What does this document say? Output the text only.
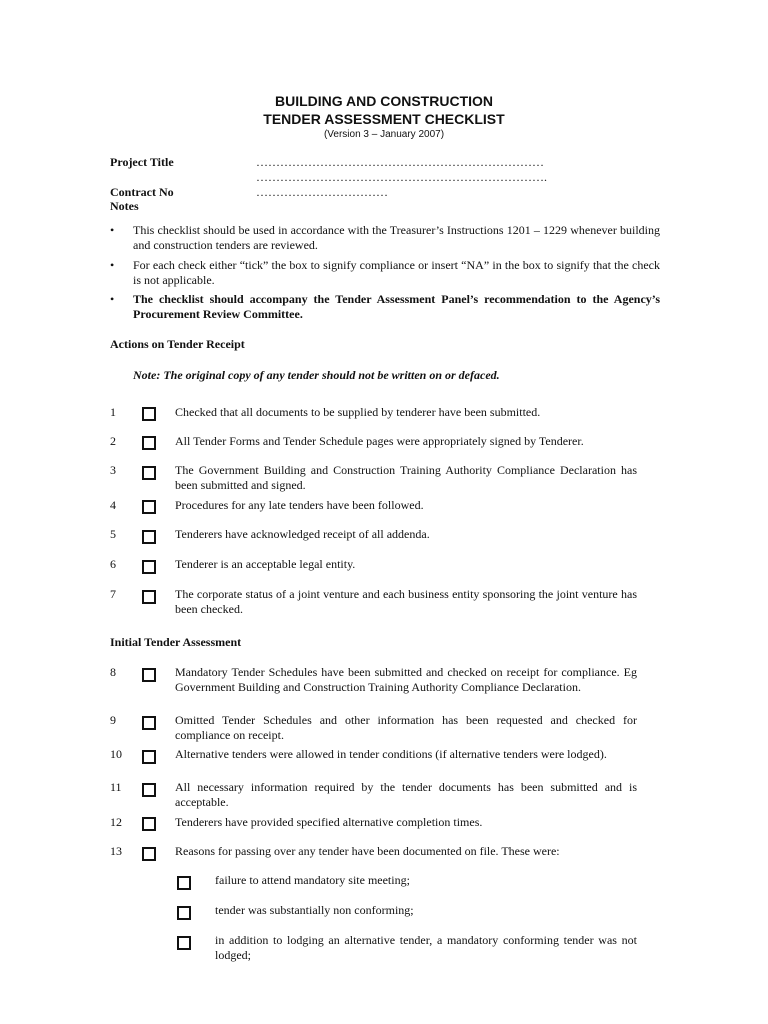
BUILDING AND CONSTRUCTION
TENDER ASSESSMENT CHECKLIST
(Version 3 – January 2007)
Project Title	………………………………………………………………
……………………………………………………………….
Contract No	……………………………
Notes
• This checklist should be used in accordance with the Treasurer’s Instructions 1201 – 1229 whenever building and construction tenders are reviewed.
• For each check either “tick” the box to signify compliance or insert “NA” in the box to signify that the check is not applicable.
• The checklist should accompany the Tender Assessment Panel’s recommendation to the Agency’s Procurement Review Committee.
Actions on Tender Receipt
Note: The original copy of any tender should not be written on or defaced.
1	Checked that all documents to be supplied by tenderer have been submitted.
2	All Tender Forms and Tender Schedule pages were appropriately signed by Tenderer.
3	The Government Building and Construction Training Authority Compliance Declaration has been submitted and signed.
4	Procedures for any late tenders have been followed.
5	Tenderers have acknowledged receipt of all addenda.
6	Tenderer is an acceptable legal entity.
7	The corporate status of a joint venture and each business entity sponsoring the joint venture has been checked.
Initial Tender Assessment
8	Mandatory Tender Schedules have been submitted and checked on receipt for compliance. Eg Government Building and Construction Training Authority Compliance Declaration.
9	Omitted Tender Schedules and other information has been requested and checked for compliance on receipt.
10	Alternative tenders were allowed in tender conditions (if alternative tenders were lodged).
11	All necessary information required by the tender documents has been submitted and is acceptable.
12	Tenderers have provided specified alternative completion times.
13	Reasons for passing over any tender have been documented on file. These were:
failure to attend mandatory site meeting;
tender was substantially non conforming;
in addition to lodging an alternative tender, a mandatory conforming tender was not lodged;
